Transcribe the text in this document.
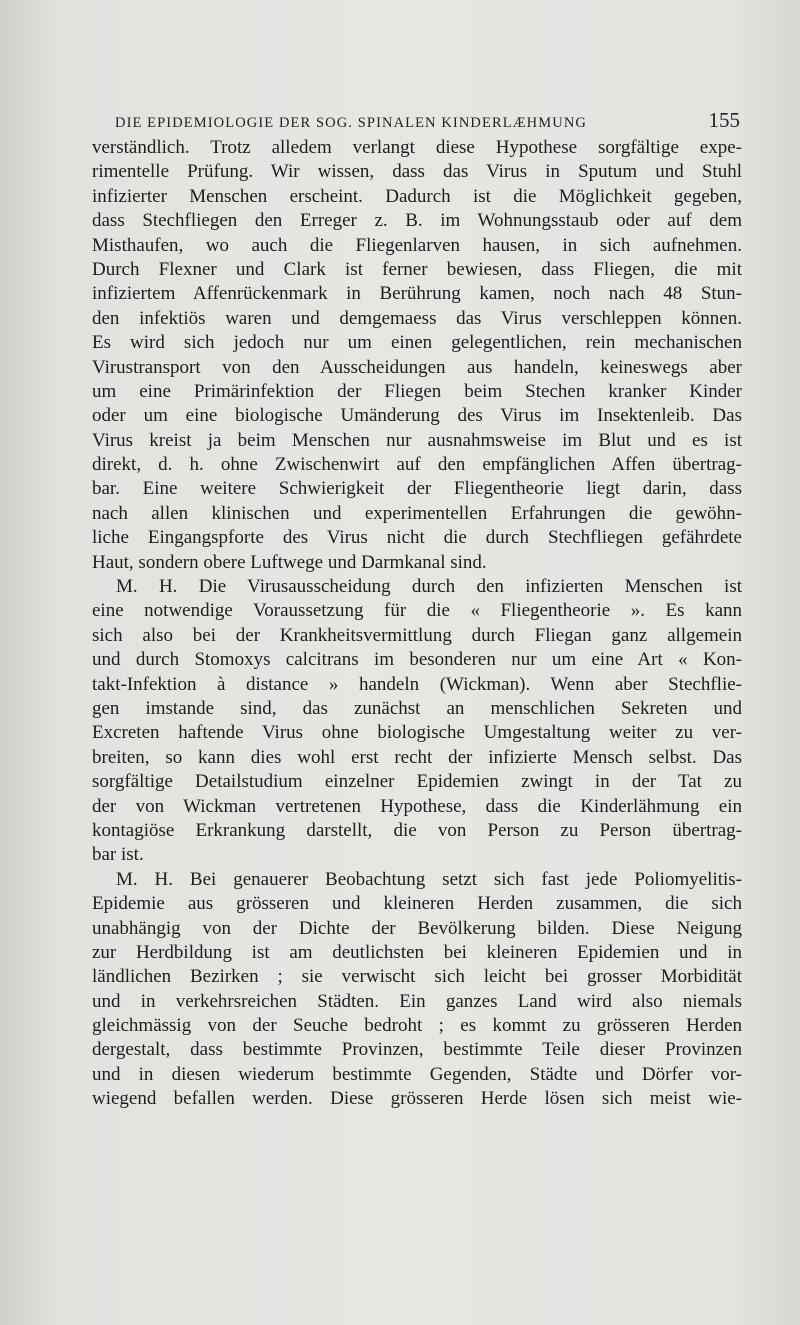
DIE EPIDEMIOLOGIE DER SOG. SPINALEN KINDERLÆHMUNG	155
verständlich. Trotz alledem verlangt diese Hypothese sorgfältige expe-
rimentelle Prüfung. Wir wissen, dass das Virus in Sputum und Stuhl
infizierter Menschen erscheint. Dadurch ist die Möglichkeit gegeben,
dass Stechfliegen den Erreger z. B. im Wohnungsstaub oder auf dem
Misthaufen, wo auch die Fliegenlarven hausen, in sich aufnehmen.
Durch Flexner und Clark ist ferner bewiesen, dass Fliegen, die mit
infiziertem Affenrückenmark in Berührung kamen, noch nach 48 Stun-
den infektiös waren und demgemaess das Virus verschleppen können.
Es wird sich jedoch nur um einen gelegentlichen, rein mechanischen
Virustransport von den Ausscheidungen aus handeln, keineswegs aber
um eine Primärinfektion der Fliegen beim Stechen kranker Kinder
oder um eine biologische Umänderung des Virus im Insektenleib. Das
Virus kreist ja beim Menschen nur ausnahmsweise im Blut und es ist
direkt, d. h. ohne Zwischenwirt auf den empfänglichen Affen übertrag-
bar. Eine weitere Schwierigkeit der Fliegentheorie liegt darin, dass
nach allen klinischen und experimentellen Erfahrungen die gewöhn-
liche Eingangspforte des Virus nicht die durch Stechfliegen gefährdete
Haut, sondern obere Luftwege und Darmkanal sind.
M. H. Die Virusausscheidung durch den infizierten Menschen ist
eine notwendige Voraussetzung für die « Fliegentheorie ». Es kann
sich also bei der Krankheitsvermittlung durch Fliegan ganz allgemein
und durch Stomoxys calcitrans im besonderen nur um eine Art « Kon-
takt-Infektion à distance » handeln (Wickman). Wenn aber Stechflie-
gen imstande sind, das zunächst an menschlichen Sekreten und
Excreten haftende Virus ohne biologische Umgestaltung weiter zu ver-
breiten, so kann dies wohl erst recht der infizierte Mensch selbst. Das
sorgfältige Detailstudium einzelner Epidemien zwingt in der Tat zu
der von Wickman vertretenen Hypothese, dass die Kinderlähmung ein
kontagiöse Erkrankung darstellt, die von Person zu Person übertrag-
bar ist.
M. H. Bei genauerer Beobachtung setzt sich fast jede Poliomyelitis-
Epidemie aus grösseren und kleineren Herden zusammen, die sich
unabhängig von der Dichte der Bevölkerung bilden. Diese Neigung
zur Herdbildung ist am deutlichsten bei kleineren Epidemien und in
ländlichen Bezirken ; sie verwischt sich leicht bei grosser Morbidität
und in verkehrsreichen Städten. Ein ganzes Land wird also niemals
gleichmässig von der Seuche bedroht ; es kommt zu grösseren Herden
dergestalt, dass bestimmte Provinzen, bestimmte Teile dieser Provinzen
und in diesen wiederum bestimmte Gegenden, Städte und Dörfer vor-
wiegend befallen werden. Diese grösseren Herde lösen sich meist wie-
